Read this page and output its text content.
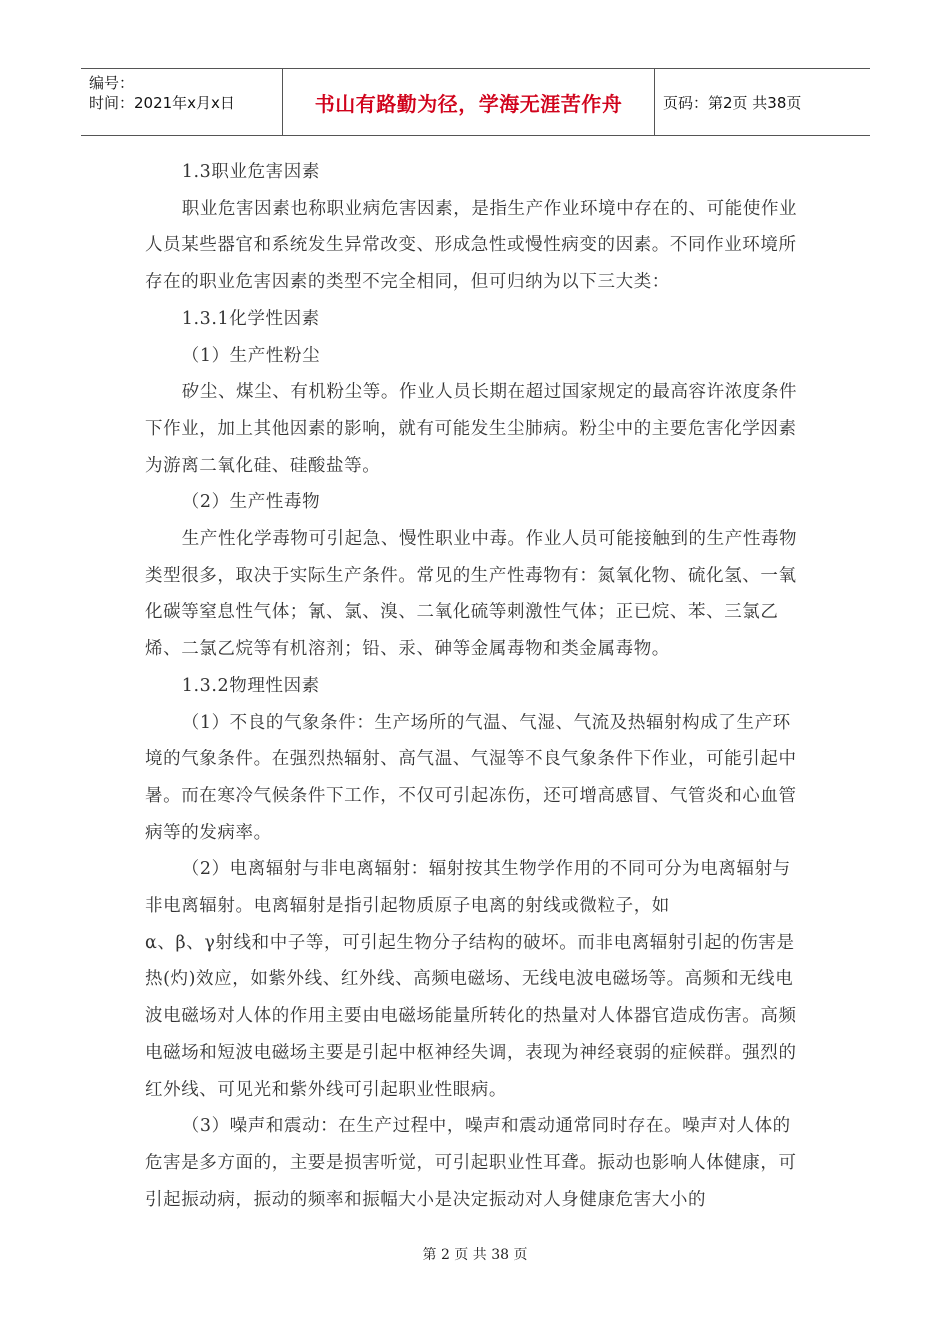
编号：
时间：2021年x月x日	书山有路勤为径，学海无涯苦作舟	页码：第2页 共38页

1.3职业危害因素

职业危害因素也称职业病危害因素，是指生产作业环境中存在的、可能使作业人员某些器官和系统发生异常改变、形成急性或慢性病变的因素。不同作业环境所存在的职业危害因素的类型不完全相同，但可归纳为以下三大类：

1.3.1化学性因素

（1）生产性粉尘

矽尘、煤尘、有机粉尘等。作业人员长期在超过国家规定的最高容许浓度条件下作业，加上其他因素的影响，就有可能发生尘肺病。粉尘中的主要危害化学因素为游离二氧化硅、硅酸盐等。

（2）生产性毒物

生产性化学毒物可引起急、慢性职业中毒。作业人员可能接触到的生产性毒物类型很多，取决于实际生产条件。常见的生产性毒物有：氮氧化物、硫化氢、一氧化碳等窒息性气体；氰、氯、溴、二氧化硫等刺激性气体；正已烷、苯、三氯乙烯、二氯乙烷等有机溶剂；铅、汞、砷等金属毒物和类金属毒物。

1.3.2物理性因素

（1）不良的气象条件：生产场所的气温、气湿、气流及热辐射构成了生产环境的气象条件。在强烈热辐射、高气温、气湿等不良气象条件下作业，可能引起中暑。而在寒冷气候条件下工作，不仅可引起冻伤，还可增高感冒、气管炎和心血管病等的发病率。

（2）电离辐射与非电离辐射：辐射按其生物学作用的不同可分为电离辐射与非电离辐射。电离辐射是指引起物质原子电离的射线或微粒子，如

α、β、γ射线和中子等，可引起生物分子结构的破坏。而非电离辐射引起的伤害是热(灼)效应，如紫外线、红外线、高频电磁场、无线电波电磁场等。高频和无线电波电磁场对人体的作用主要由电磁场能量所转化的热量对人体器官造成伤害。高频电磁场和短波电磁场主要是引起中枢神经失调，表现为神经衰弱的症候群。强烈的红外线、可见光和紫外线可引起职业性眼病。

（3）噪声和震动：在生产过程中，噪声和震动通常同时存在。噪声对人体的危害是多方面的，主要是损害听觉，可引起职业性耳聋。振动也影响人体健康，可引起振动病，振动的频率和振幅大小是决定振动对人身健康危害大小的

第 2 页 共 38 页
